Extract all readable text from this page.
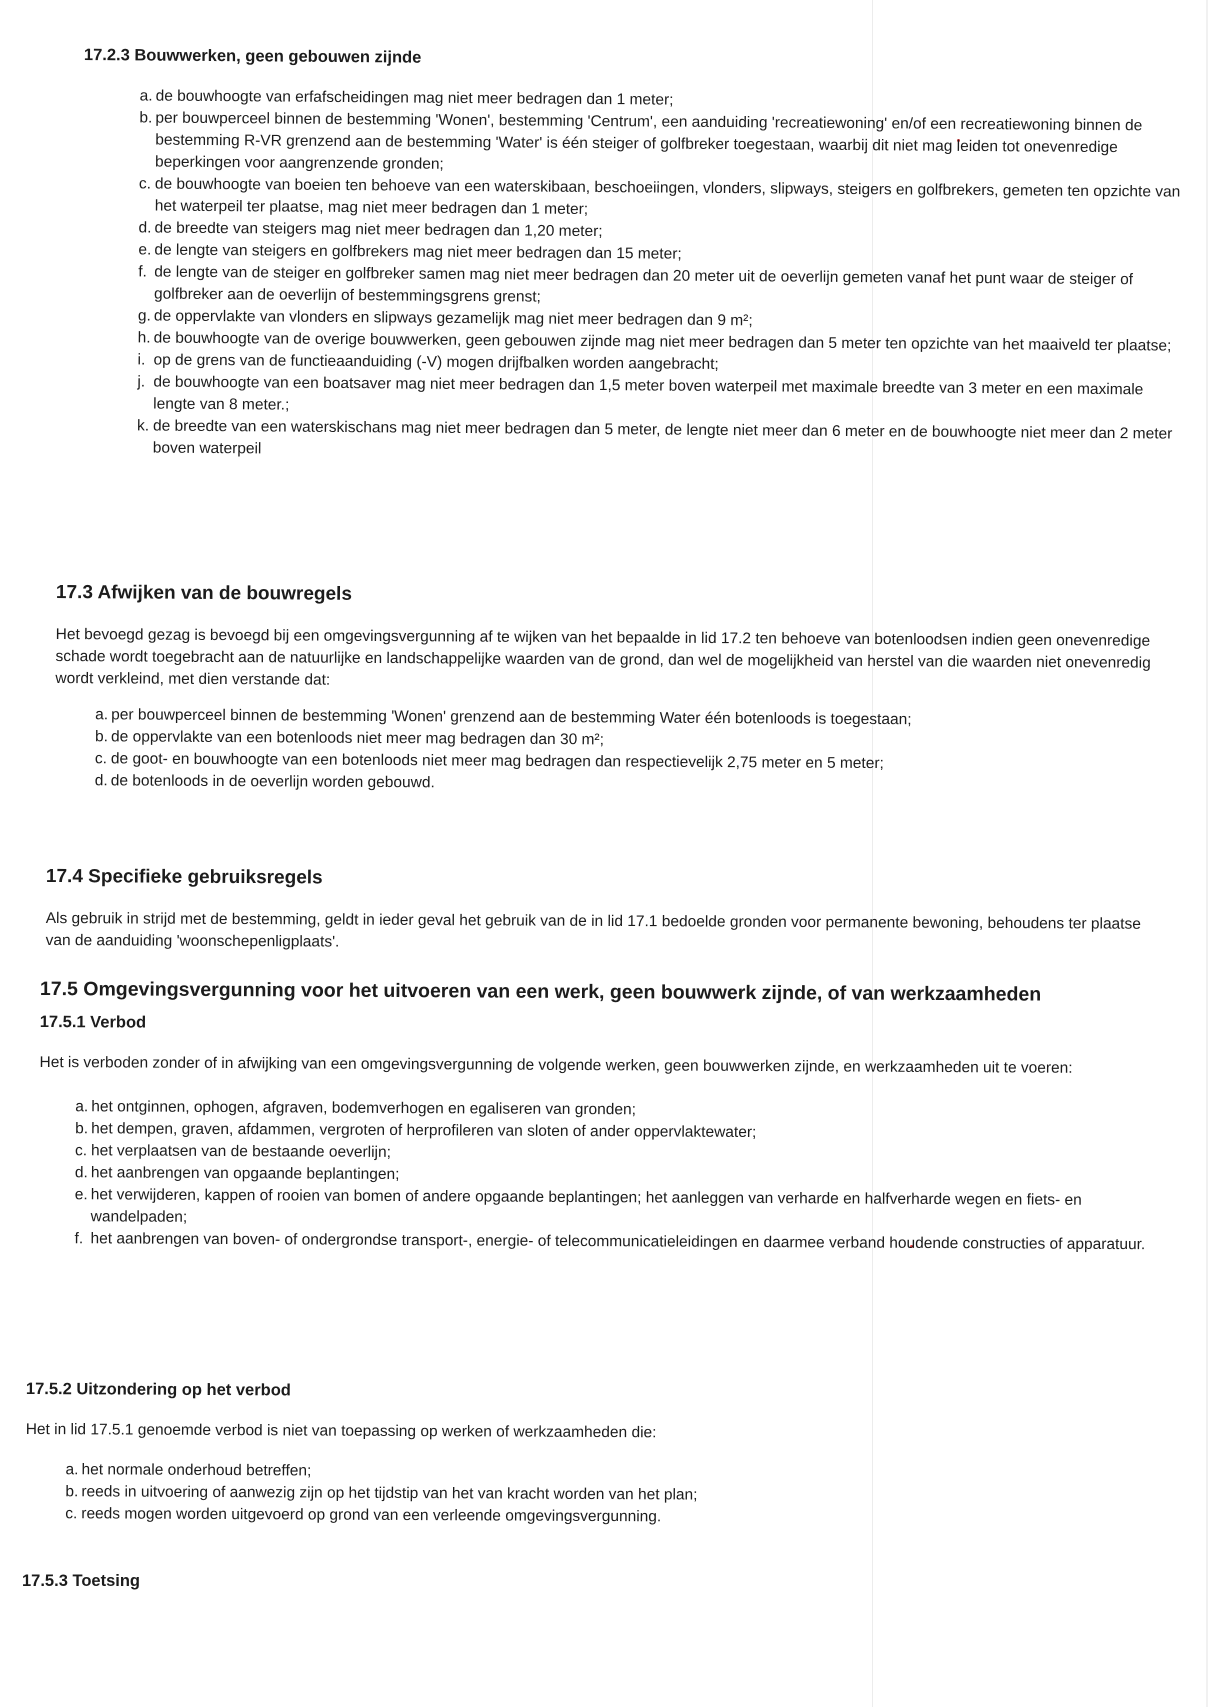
17.2.3 Bouwwerken, geen gebouwen zijnde
a. de bouwhoogte van erfafscheidingen mag niet meer bedragen dan 1 meter;
b. per bouwperceel binnen de bestemming 'Wonen', bestemming 'Centrum', een aanduiding 'recreatiewoning' en/of een recreatiewoning binnen de bestemming R-VR grenzend aan de bestemming 'Water' is één steiger of golfbreker toegestaan, waarbij dit niet mag leiden tot onevenredige beperkingen voor aangrenzende gronden;
c. de bouwhoogte van boeien ten behoeve van een waterskibaan, beschoeiingen, vlonders, slipways, steigers en golfbrekers, gemeten ten opzichte van het waterpeil ter plaatse, mag niet meer bedragen dan 1 meter;
d. de breedte van steigers mag niet meer bedragen dan 1,20 meter;
e. de lengte van steigers en golfbrekers mag niet meer bedragen dan 15 meter;
f. de lengte van de steiger en golfbreker samen mag niet meer bedragen dan 20 meter uit de oeverlijn gemeten vanaf het punt waar de steiger of golfbreker aan de oeverlijn of bestemmingsgrens grenst;
g. de oppervlakte van vlonders en slipways gezamelijk mag niet meer bedragen dan 9 m²;
h. de bouwhoogte van de overige bouwwerken, geen gebouwen zijnde mag niet meer bedragen dan 5 meter ten opzichte van het maaiveld ter plaatse;
i. op de grens van de functieaanduiding (-V) mogen drijfbalken worden aangebracht;
j. de bouwhoogte van een boatsaver mag niet meer bedragen dan 1,5 meter boven waterpeil met maximale breedte van 3 meter en een maximale lengte van 8 meter.;
k. de breedte van een waterskischans mag niet meer bedragen dan 5 meter, de lengte niet meer dan 6 meter en de bouwhoogte niet meer dan 2 meter boven waterpeil
17.3 Afwijken van de bouwregels

Het bevoegd gezag is bevoegd bij een omgevingsvergunning af te wijken van het bepaalde in lid 17.2 ten behoeve van botenloodsen indien geen onevenredige schade wordt toegebracht aan de natuurlijke en landschappelijke waarden van de grond, dan wel de mogelijkheid van herstel van die waarden niet onevenredig wordt verkleind, met dien verstande dat:

a. per bouwperceel binnen de bestemming 'Wonen' grenzend aan de bestemming Water één botenloods is toegestaan;
b. de oppervlakte van een botenloods niet meer mag bedragen dan 30 m²;
c. de goot- en bouwhoogte van een botenloods niet meer mag bedragen dan respectievelijk 2,75 meter en 5 meter;
d. de botenloods in de oeverlijn worden gebouwd.
17.4 Specifieke gebruiksregels

Als gebruik in strijd met de bestemming, geldt in ieder geval het gebruik van de in lid 17.1 bedoelde gronden voor permanente bewoning, behoudens ter plaatse van de aanduiding 'woonschepenligplaats'.

17.5 Omgevingsvergunning voor het uitvoeren van een werk, geen bouwwerk zijnde, of van werkzaamheden
17.5.1 Verbod

Het is verboden zonder of in afwijking van een omgevingsvergunning de volgende werken, geen bouwwerken zijnde, en werkzaamheden uit te voeren:

a. het ontginnen, ophogen, afgraven, bodemverhogen en egaliseren van gronden;
b. het dempen, graven, afdammen, vergroten of herprofileren van sloten of ander oppervlaktewater;
c. het verplaatsen van de bestaande oeverlijn;
d. het aanbrengen van opgaande beplantingen;
e. het verwijderen, kappen of rooien van bomen of andere opgaande beplantingen; het aanleggen van verharde en halfverharde wegen en fiets- en wandelpaden;
f. het aanbrengen van boven- of ondergrondse transport-, energie- of telecommunicatieleidingen en daarmee verband houdende constructies of apparatuur.
17.5.2 Uitzondering op het verbod

Het in lid 17.5.1 genoemde verbod is niet van toepassing op werken of werkzaamheden die:

a. het normale onderhoud betreffen;
b. reeds in uitvoering of aanwezig zijn op het tijdstip van het van kracht worden van het plan;
c. reeds mogen worden uitgevoerd op grond van een verleende omgevingsvergunning.
17.5.3 Toetsing
